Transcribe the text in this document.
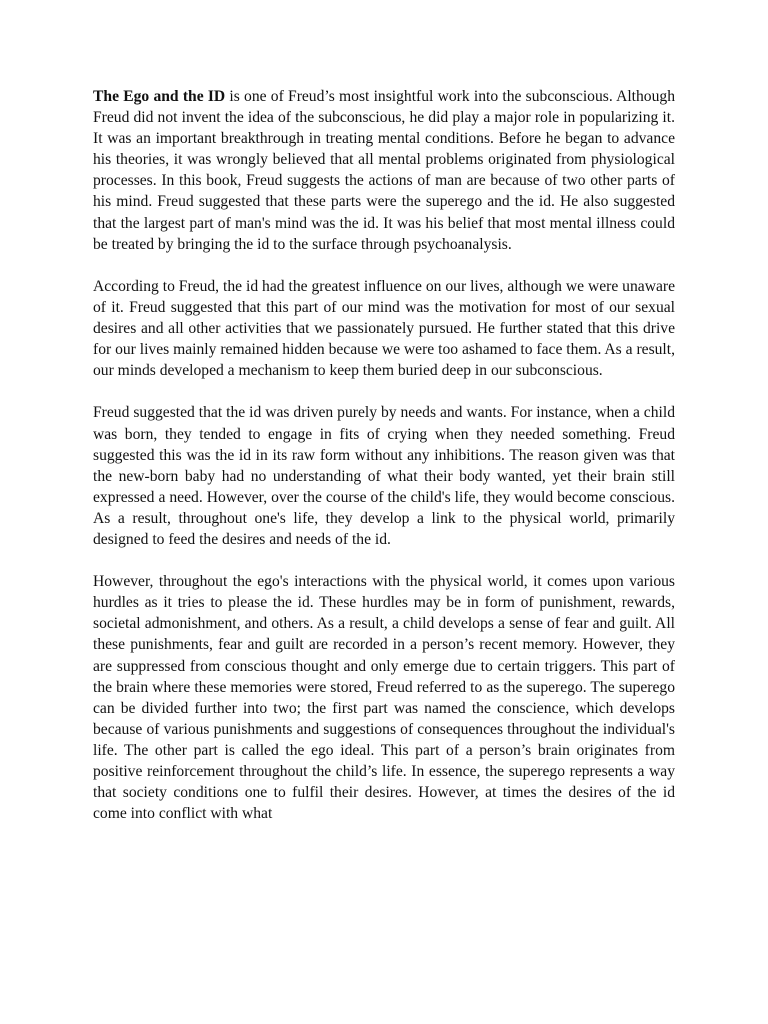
The Ego and the ID is one of Freud’s most insightful work into the subconscious. Although Freud did not invent the idea of the subconscious, he did play a major role in popularizing it. It was an important breakthrough in treating mental conditions. Before he began to advance his theories, it was wrongly believed that all mental problems originated from physiological processes. In this book, Freud suggests the actions of man are because of two other parts of his mind. Freud suggested that these parts were the superego and the id. He also suggested that the largest part of man's mind was the id. It was his belief that most mental illness could be treated by bringing the id to the surface through psychoanalysis.

According to Freud, the id had the greatest influence on our lives, although we were unaware of it. Freud suggested that this part of our mind was the motivation for most of our sexual desires and all other activities that we passionately pursued. He further stated that this drive for our lives mainly remained hidden because we were too ashamed to face them. As a result, our minds developed a mechanism to keep them buried deep in our subconscious.

Freud suggested that the id was driven purely by needs and wants. For instance, when a child was born, they tended to engage in fits of crying when they needed something. Freud suggested this was the id in its raw form without any inhibitions. The reason given was that the new-born baby had no understanding of what their body wanted, yet their brain still expressed a need. However, over the course of the child's life, they would become conscious. As a result, throughout one's life, they develop a link to the physical world, primarily designed to feed the desires and needs of the id.

However, throughout the ego's interactions with the physical world, it comes upon various hurdles as it tries to please the id. These hurdles may be in form of punishment, rewards, societal admonishment, and others. As a result, a child develops a sense of fear and guilt. All these punishments, fear and guilt are recorded in a person’s recent memory. However, they are suppressed from conscious thought and only emerge due to certain triggers. This part of the brain where these memories were stored, Freud referred to as the superego. The superego can be divided further into two; the first part was named the conscience, which develops because of various punishments and suggestions of consequences throughout the individual's life. The other part is called the ego ideal. This part of a person’s brain originates from positive reinforcement throughout the child’s life. In essence, the superego represents a way that society conditions one to fulfil their desires. However, at times the desires of the id come into conflict with what
